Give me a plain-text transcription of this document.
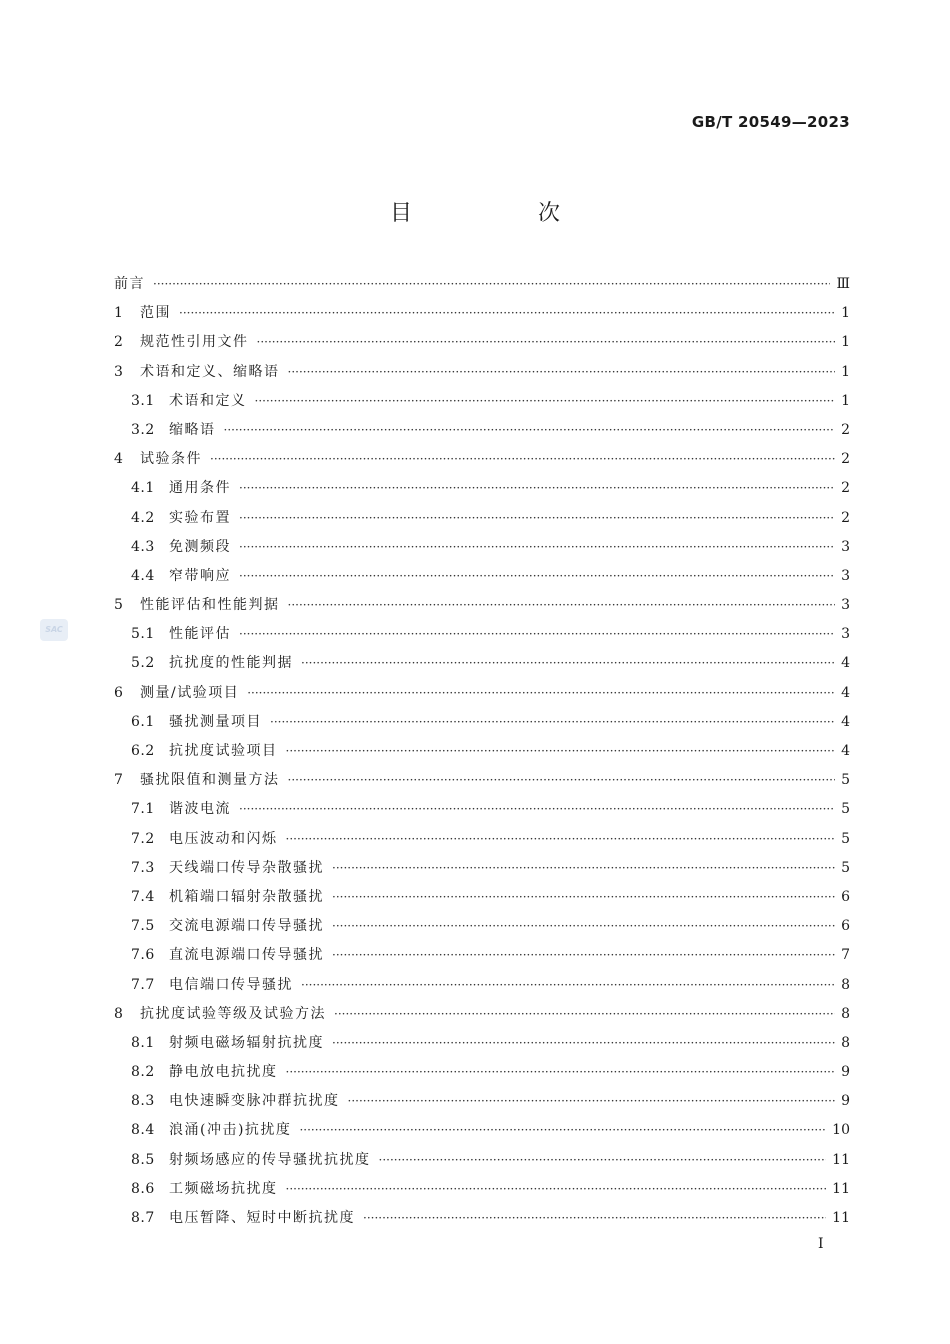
GB/T 20549—2023
目　次
前言 ·····	Ⅲ
1	范围 ·····	1
2	规范性引用文件 ·····	1
3	术语和定义、缩略语 ·····	1
3.1	术语和定义 ·····	1
3.2	缩略语 ·····	2
4	试验条件 ·····	2
4.1	通用条件 ·····	2
4.2	实验布置 ·····	2
4.3	免测频段 ·····	3
4.4	窄带响应 ·····	3
5	性能评估和性能判据 ·····	3
5.1	性能评估 ·····	3
5.2	抗扰度的性能判据 ·····	4
6	测量/试验项目 ·····	4
6.1	骚扰测量项目 ·····	4
6.2	抗扰度试验项目 ·····	4
7	骚扰限值和测量方法 ·····	5
7.1	谐波电流 ·····	5
7.2	电压波动和闪烁 ·····	5
7.3	天线端口传导杂散骚扰 ·····	5
7.4	机箱端口辐射杂散骚扰 ·····	6
7.5	交流电源端口传导骚扰 ·····	6
7.6	直流电源端口传导骚扰 ·····	7
7.7	电信端口传导骚扰 ·····	8
8	抗扰度试验等级及试验方法 ·····	8
8.1	射频电磁场辐射抗扰度 ·····	8
8.2	静电放电抗扰度 ·····	9
8.3	电快速瞬变脉冲群抗扰度 ·····	9
8.4	浪涌(冲击)抗扰度 ·····	10
8.5	射频场感应的传导骚扰抗扰度 ·····	11
8.6	工频磁场抗扰度 ·····	11
8.7	电压暂降、短时中断抗扰度 ·····	11
SAC
I
